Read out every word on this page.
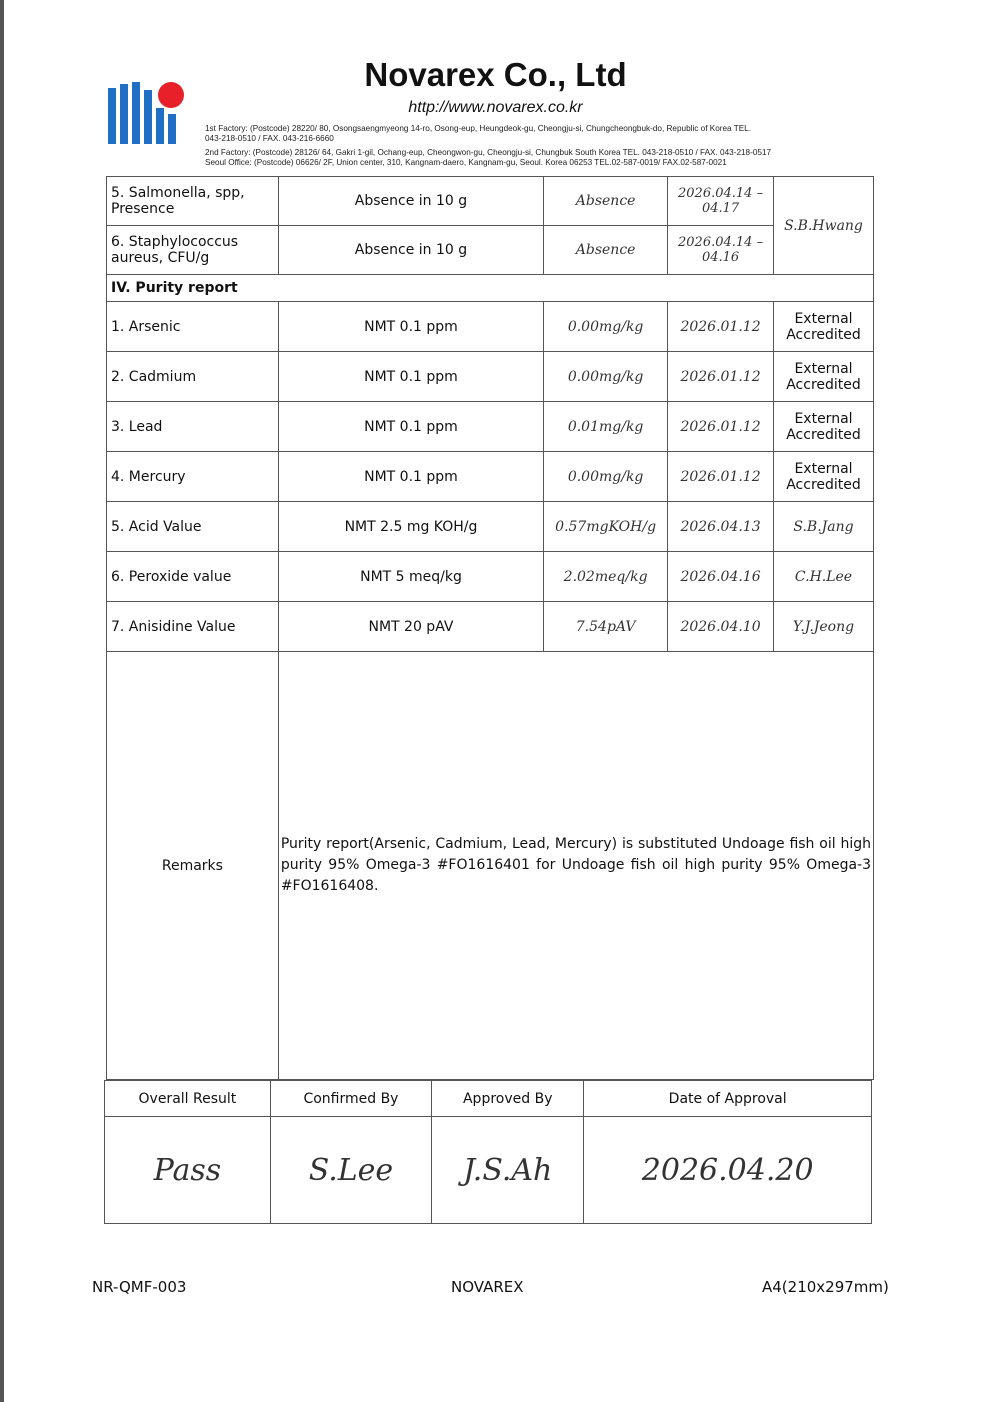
Novarex Co., Ltd
http://www.novarex.co.kr
1st Factory: (Postcode) 28220/ 80, Osongsaengmyeong 14-ro, Osong-eup, Heungdeok-gu, Cheongju-si, Chungcheongbuk-do, Republic of Korea TEL.
043-218-0510 / FAX. 043-216-6660
2nd Factory: (Postcode) 28126/ 64, Gakri 1-gil, Ochang-eup, Cheongwon-gu, Cheongju-si, Chungbuk South Korea TEL. 043-218-0510 / FAX. 043-218-0517
Seoul Office: (Postcode) 06626/ 2F, Union center, 310, Kangnam-daero, Kangnam-gu, Seoul. Korea 06253 TEL.02-587-0019/ FAX.02-587-0021
5. Salmonella, spp, Presence	Absence in 10 g	Absence	2026.04.14 –04.17	S.B.Hwang
6. Staphylococcus aureus, CFU/g	Absence in 10 g	Absence	2026.04.14 –04.16	
IV. Purity report				
1. Arsenic	NMT 0.1 ppm	0.00mg/kg	2026.01.12	External Accredited
2. Cadmium	NMT 0.1 ppm	0.00mg/kg	2026.01.12	External Accredited
3. Lead	NMT 0.1 ppm	0.01mg/kg	2026.01.12	External Accredited
4. Mercury	NMT 0.1 ppm	0.00mg/kg	2026.01.12	External Accredited
5. Acid Value	NMT 2.5 mg KOH/g	0.57mgKOH/g	2026.04.13	S.B.Jang
6. Peroxide value	NMT 5 meq/kg	2.02meq/kg	2026.04.16	C.H.Lee
7. Anisidine Value	NMT 20 pAV	7.54pAV	2026.04.10	Y.J.Jeong
Remarks	Purity report(Arsenic, Cadmium, Lead, Mercury) is substituted Undoage fish oil high purity 95% Omega-3 #FO1616401 for Undoage fish oil high purity 95% Omega-3 #FO1616408.			
Overall Result	Confirmed By	Approved By	Date of Approval
Pass	S.Lee	J.S.Ah	2026.04.20
NR-QMF-003	NOVAREX	A4(210x297mm)
